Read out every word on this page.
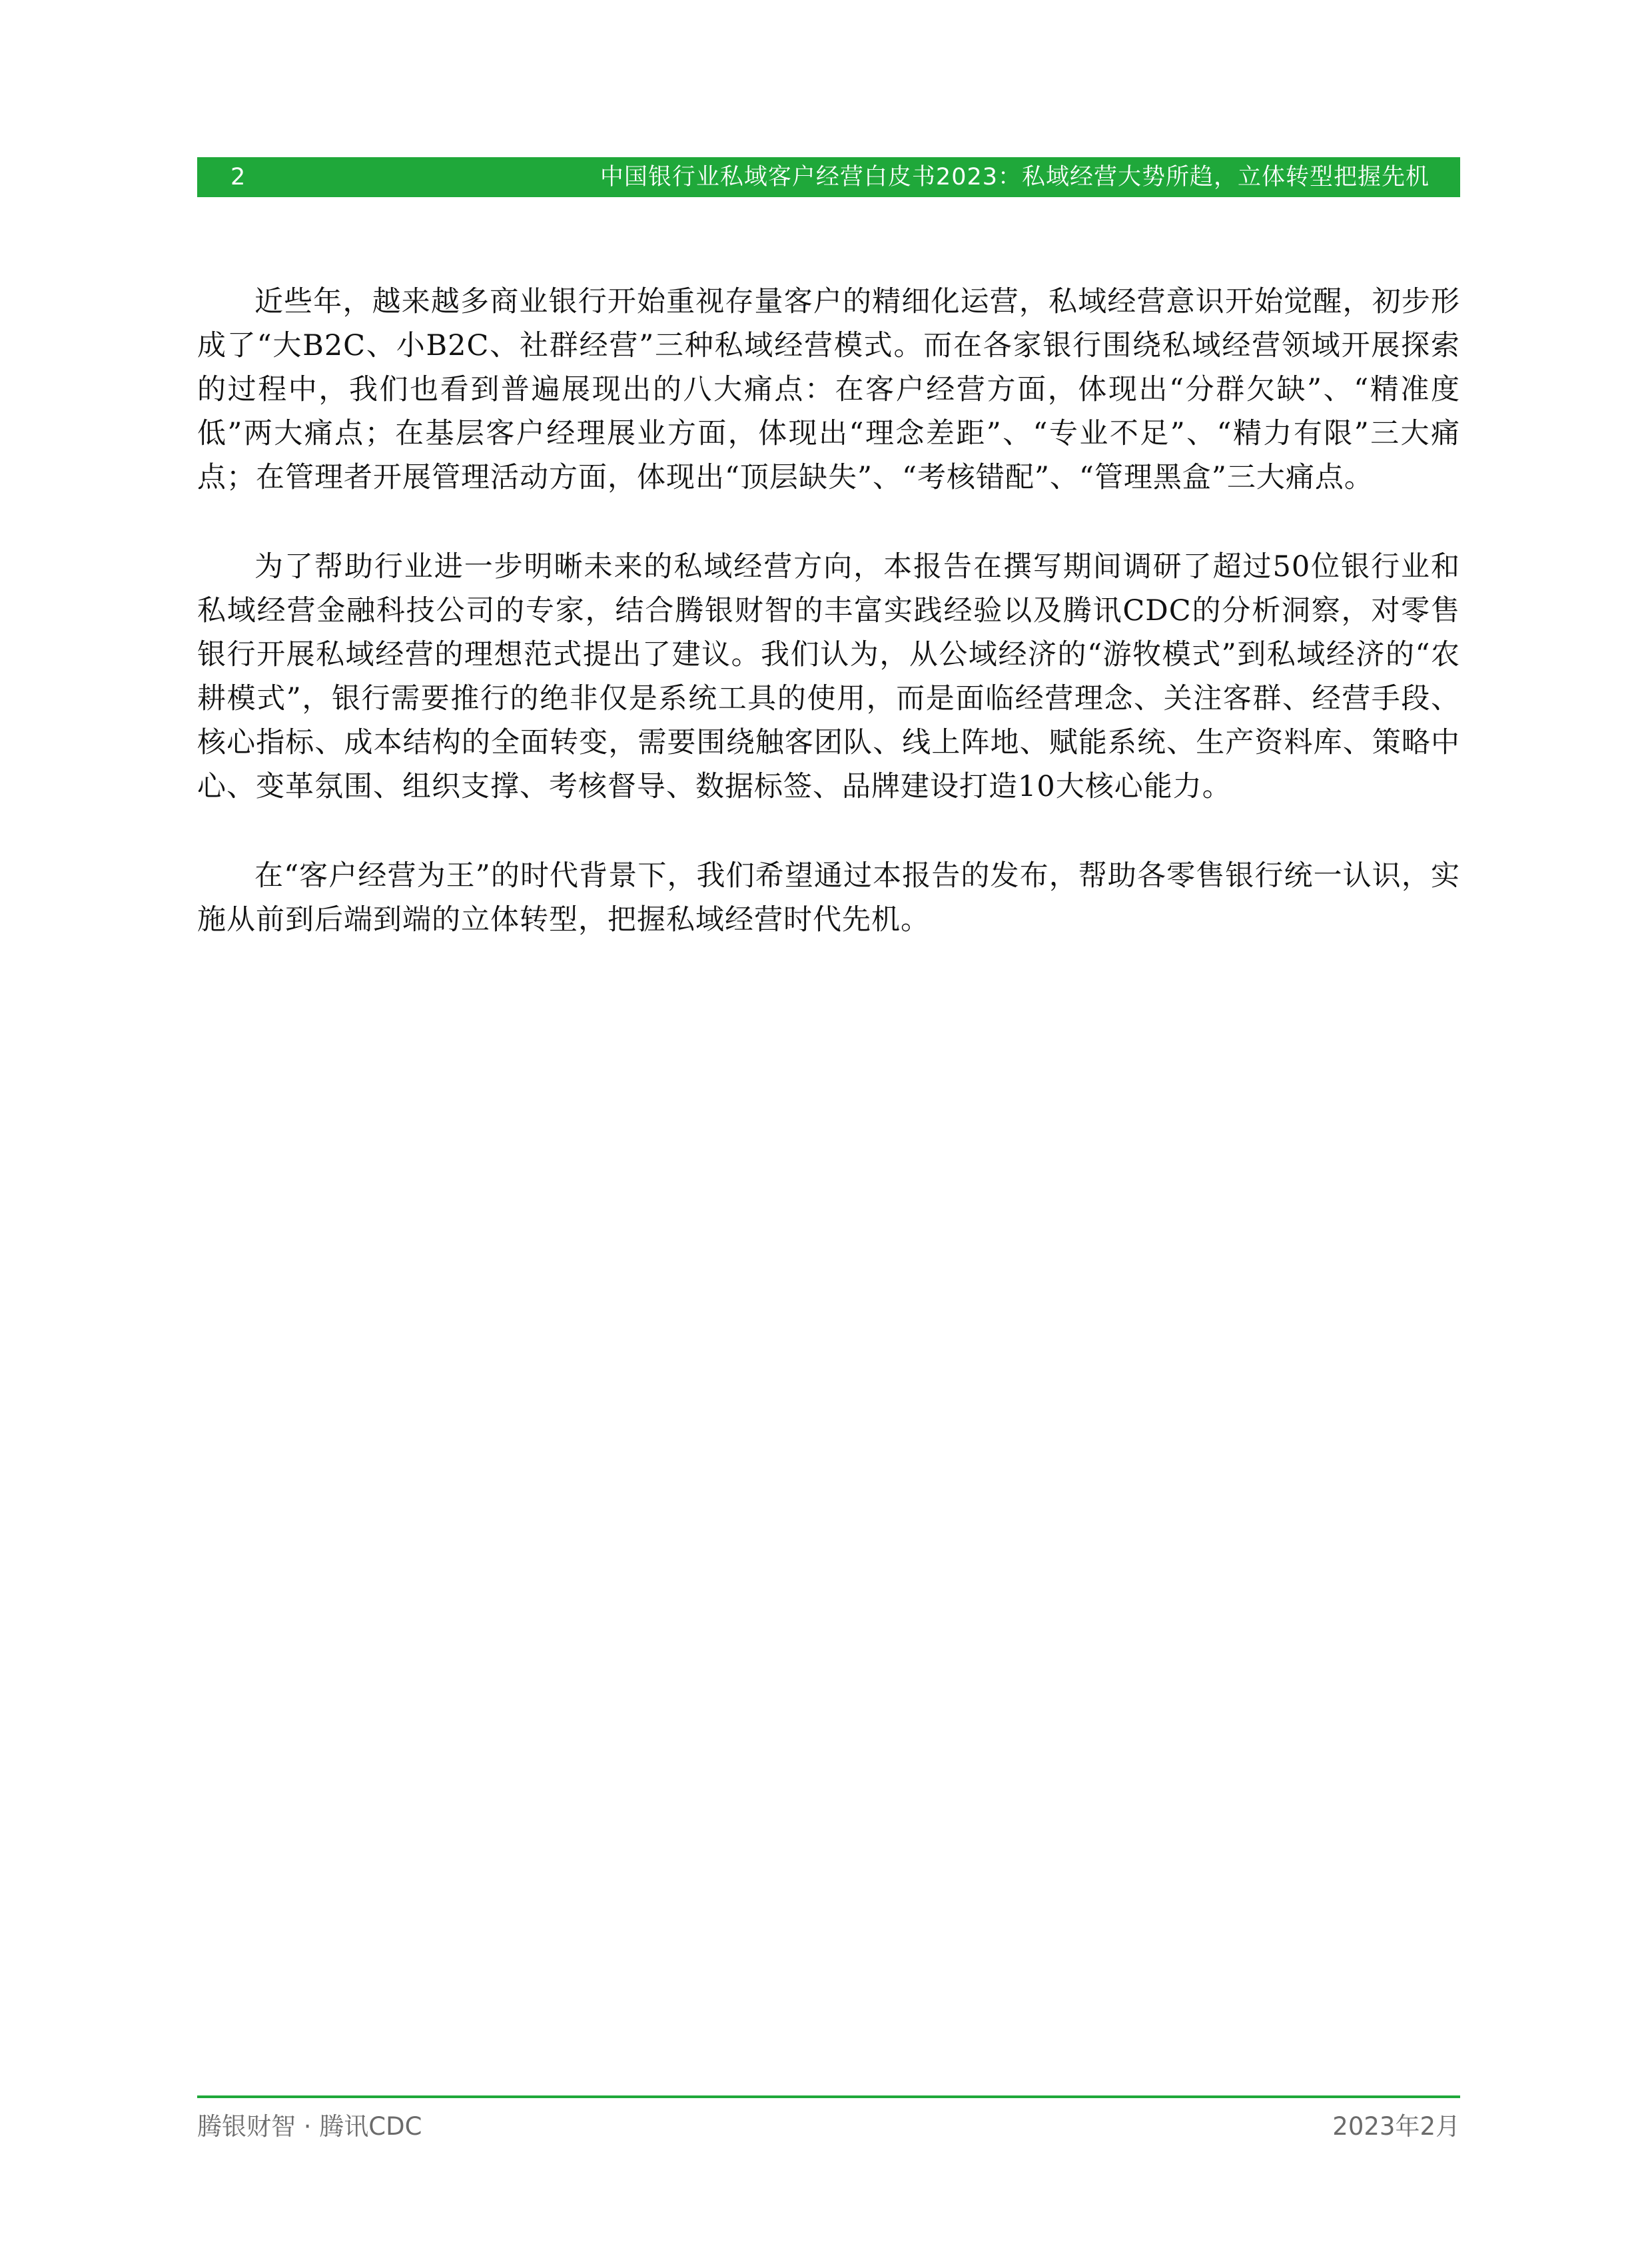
2	中国银行业私域客户经营白皮书2023：私域经营大势所趋，立体转型把握先机

近些年，越来越多商业银行开始重视存量客户的精细化运营，私域经营意识开始觉醒，初步形成了“大B2C、小B2C、社群经营”三种私域经营模式。而在各家银行围绕私域经营领域开展探索的过程中，我们也看到普遍展现出的八大痛点：在客户经营方面，体现出“分群欠缺”、“精准度低”两大痛点；在基层客户经理展业方面，体现出“理念差距”、“专业不足”、“精力有限”三大痛点；在管理者开展管理活动方面，体现出“顶层缺失”、“考核错配”、“管理黑盒”三大痛点。

为了帮助行业进一步明晰未来的私域经营方向，本报告在撰写期间调研了超过50位银行业和私域经营金融科技公司的专家，结合腾银财智的丰富实践经验以及腾讯CDC的分析洞察，对零售银行开展私域经营的理想范式提出了建议。我们认为，从公域经济的“游牧模式”到私域经济的“农耕模式”，银行需要推行的绝非仅是系统工具的使用，而是面临经营理念、关注客群、经营手段、核心指标、成本结构的全面转变，需要围绕触客团队、线上阵地、赋能系统、生产资料库、策略中心、变革氛围、组织支撑、考核督导、数据标签、品牌建设打造10大核心能力。

在“客户经营为王”的时代背景下，我们希望通过本报告的发布，帮助各零售银行统一认识，实施从前到后端到端的立体转型，把握私域经营时代先机。

腾银财智 · 腾讯CDC	2023年2月
